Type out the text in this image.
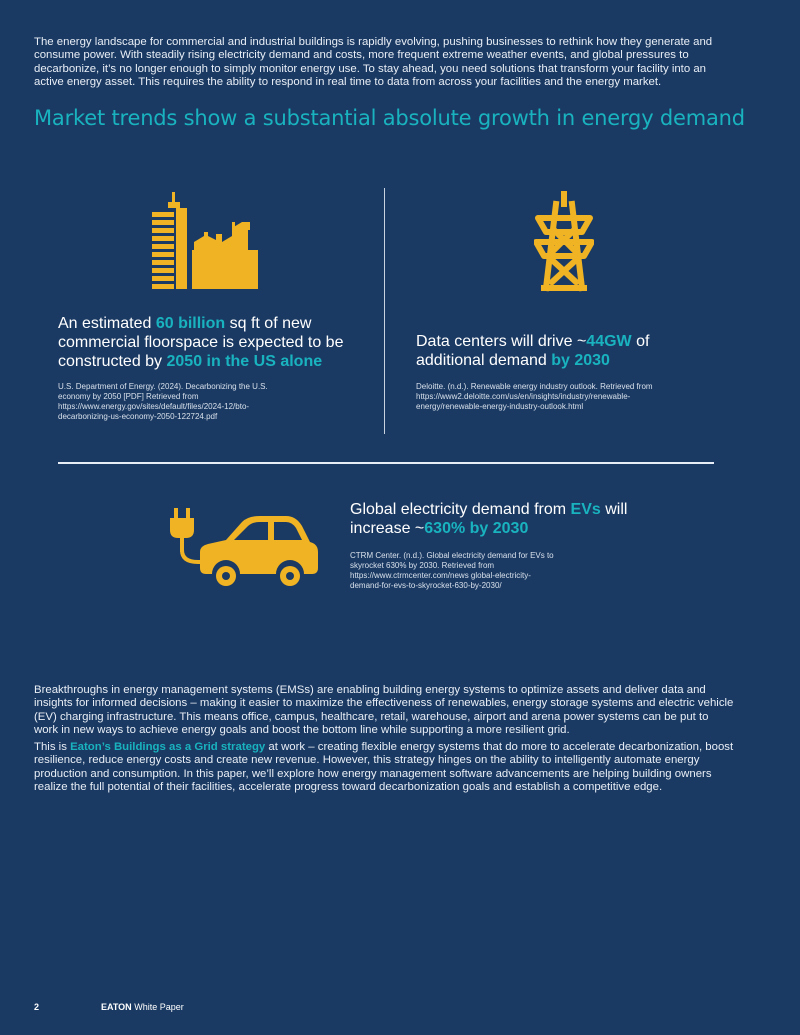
The energy landscape for commercial and industrial buildings is rapidly evolving, pushing businesses to rethink how they generate and consume power. With steadily rising electricity demand and costs, more frequent extreme weather events, and global pressures to decarbonize, it’s no longer enough to simply monitor energy use. To stay ahead, you need solutions that transform your facility into an active energy asset. This requires the ability to respond in real time to data from across your facilities and the energy market.

Market trends show a substantial absolute growth in energy demand

An estimated 60 billion sq ft of new commercial floorspace is expected to be constructed by 2050 in the US alone

U.S. Department of Energy. (2024). Decarbonizing the U.S. economy by 2050 [PDF] Retrieved from https://www.energy.gov/sites/default/files/2024-12/bto-decarbonizing-us-economy-2050-122724.pdf

Data centers will drive ~44GW of additional demand by 2030

Deloitte. (n.d.). Renewable energy industry outlook. Retrieved from https://www2.deloitte.com/us/en/insights/industry/renewable-energy/renewable-energy-industry-outlook.html

Global electricity demand from EVs will increase ~630% by 2030

CTRM Center. (n.d.). Global electricity demand for EVs to skyrocket 630% by 2030. Retrieved from https://www.ctrmcenter.com/news global-electricity-demand-for-evs-to-skyrocket-630-by-2030/

Breakthroughs in energy management systems (EMSs) are enabling building energy systems to optimize assets and deliver data and insights for informed decisions – making it easier to maximize the effectiveness of renewables, energy storage systems and electric vehicle (EV) charging infrastructure. This means office, campus, healthcare, retail, warehouse, airport and arena power systems can be put to work in new ways to achieve energy goals and boost the bottom line while supporting a more resilient grid.

This is Eaton’s Buildings as a Grid strategy at work – creating flexible energy systems that do more to accelerate decarbonization, boost resilience, reduce energy costs and create new revenue. However, this strategy hinges on the ability to intelligently automate energy production and consumption. In this paper, we’ll explore how energy management software advancements are helping building owners realize the full potential of their facilities, accelerate progress toward decarbonization goals and establish a competitive edge.

2	EATON White Paper
